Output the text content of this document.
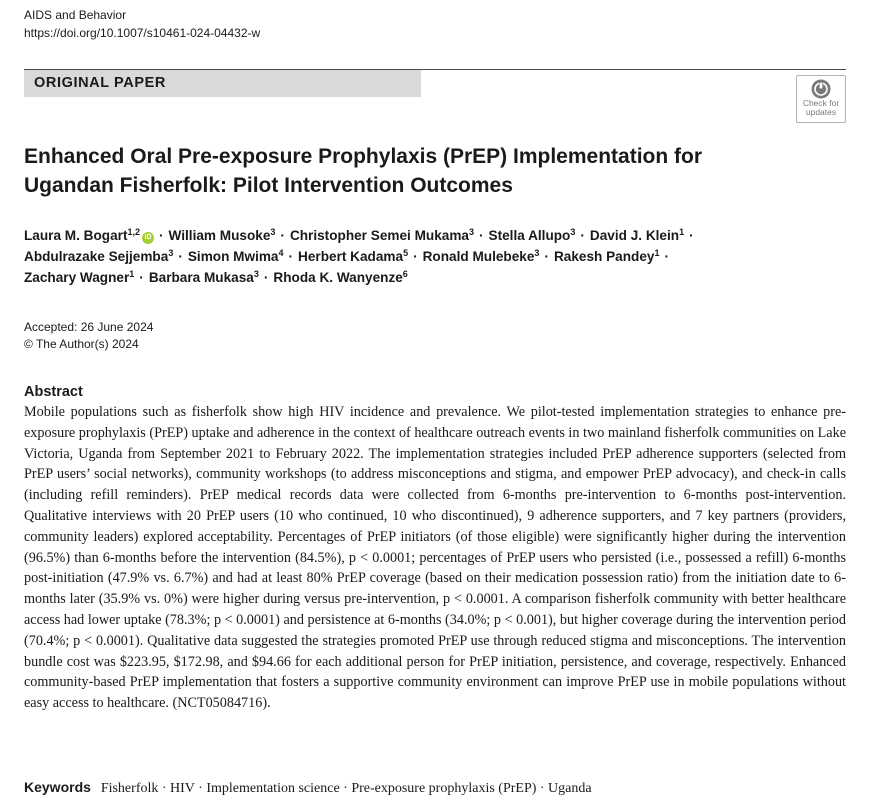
AIDS and Behavior
https://doi.org/10.1007/s10461-024-04432-w
ORIGINAL PAPER
Check for
updates
Enhanced Oral Pre-exposure Prophylaxis (PrEP) Implementation for Ugandan Fisherfolk: Pilot Intervention Outcomes
Laura M. Bogart$^{1,2}$iD · William Musoke$^3$ · Christopher Semei Mukama$^3$ · Stella Allupo$^3$ · David J. Klein$^1$ ·
Abdulrazake Sejjemba$^3$ · Simon Mwima$^4$ · Herbert Kadama$^5$ · Ronald Mulebeke$^3$ · Rakesh Pandey$^1$ ·
Zachary Wagner$^1$ · Barbara Mukasa$^3$ · Rhoda K. Wanyenze$^6$
Accepted: 26 June 2024
© The Author(s) 2024
Abstract

Mobile populations such as fisherfolk show high HIV incidence and prevalence. We pilot-tested implementation strategies to enhance pre-exposure prophylaxis (PrEP) uptake and adherence in the context of healthcare outreach events in two mainland fisherfolk communities on Lake Victoria, Uganda from September 2021 to February 2022. The implementation strategies included PrEP adherence supporters (selected from PrEP users’ social networks), community workshops (to address misconceptions and stigma, and empower PrEP advocacy), and check-in calls (including refill reminders). PrEP medical records data were collected from 6-months pre-intervention to 6-months post-intervention. Qualitative interviews with 20 PrEP users (10 who continued, 10 who discontinued), 9 adherence supporters, and 7 key partners (providers, community leaders) explored acceptability. Percentages of PrEP initiators (of those eligible) were significantly higher during the intervention (96.5%) than 6-months before the intervention (84.5%), p < 0.0001; percentages of PrEP users who persisted (i.e., possessed a refill) 6-months post-initiation (47.9% vs. 6.7%) and had at least 80% PrEP coverage (based on their medication possession ratio) from the initiation date to 6-months later (35.9% vs. 0%) were higher during versus pre-intervention, p < 0.0001. A comparison fisherfolk community with better healthcare access had lower uptake (78.3%; p < 0.0001) and persistence at 6-months (34.0%; p < 0.001), but higher coverage during the intervention period (70.4%; p < 0.0001). Qualitative data suggested the strategies promoted PrEP use through reduced stigma and misconceptions. The intervention bundle cost was $223.95, $172.98, and $94.66 for each additional person for PrEP initiation, persistence, and coverage, respectively. Enhanced community-based PrEP implementation that fosters a supportive community environment can improve PrEP use in mobile populations without easy access to healthcare. (NCT05084716).

Keywords Fisherfolk · HIV · Implementation science · Pre-exposure prophylaxis (PrEP) · Uganda
